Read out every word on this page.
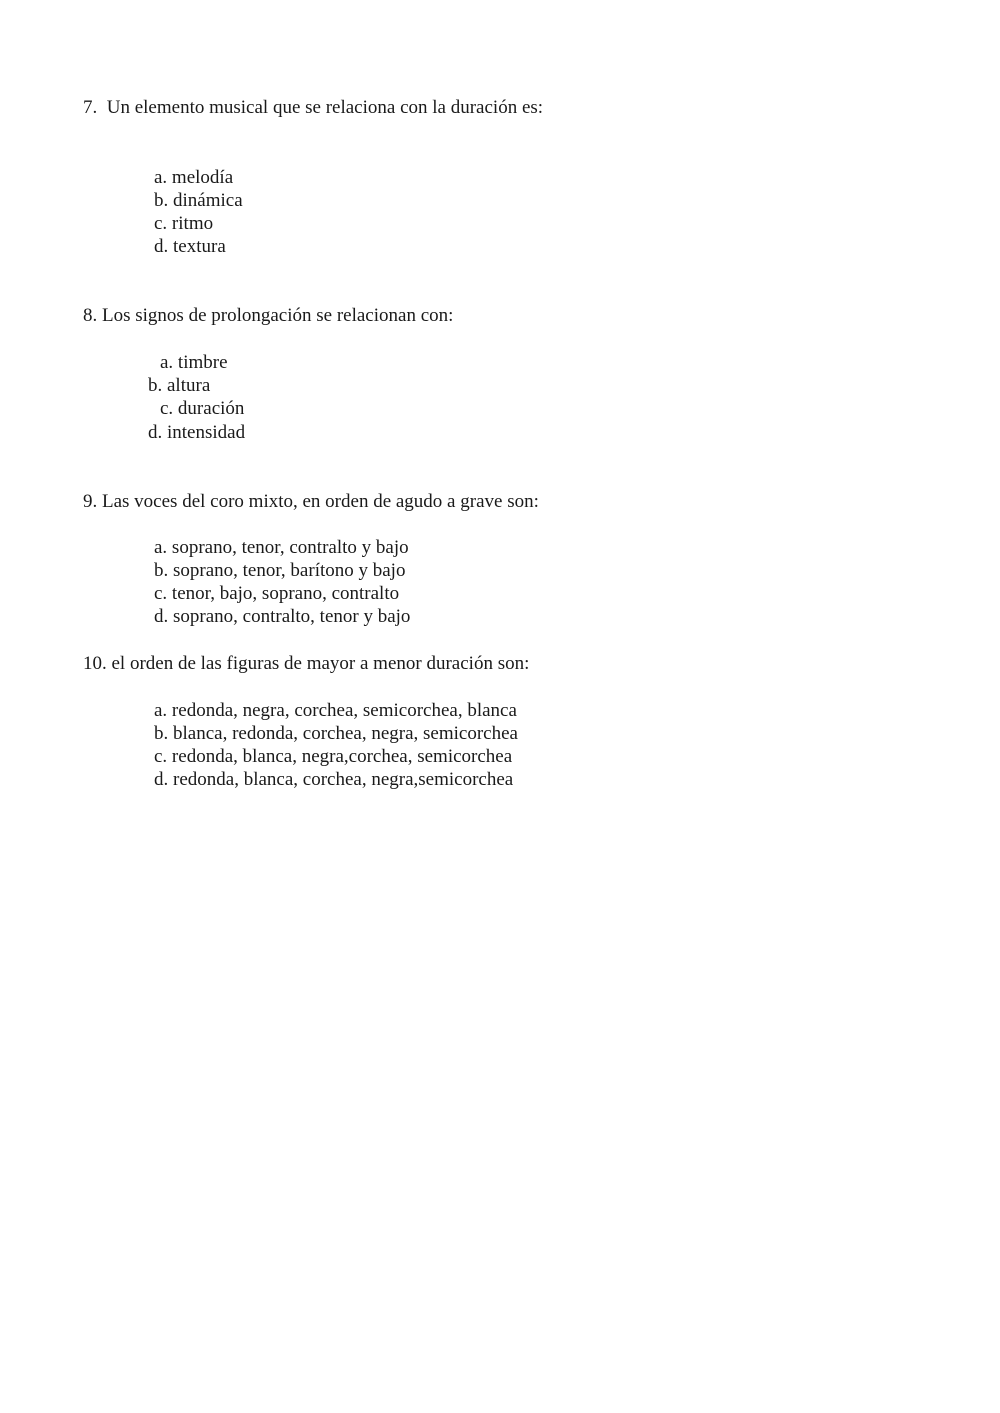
7.  Un elemento musical que se relaciona con la duración es:
a. melodía
b. dinámica
c. ritmo
d. textura
8. Los signos de prolongación se relacionan con:
a. timbre
b. altura
c. duración
d. intensidad
9. Las voces del coro mixto, en orden de agudo a grave son:
a. soprano, tenor, contralto y bajo
b. soprano, tenor, barítono y bajo
c. tenor, bajo, soprano, contralto
d. soprano, contralto, tenor y bajo
10. el orden de las figuras de mayor a menor duración son:
a. redonda, negra, corchea, semicorchea, blanca
b. blanca, redonda, corchea, negra, semicorchea
c. redonda, blanca, negra,corchea, semicorchea
d. redonda, blanca, corchea, negra,semicorchea
